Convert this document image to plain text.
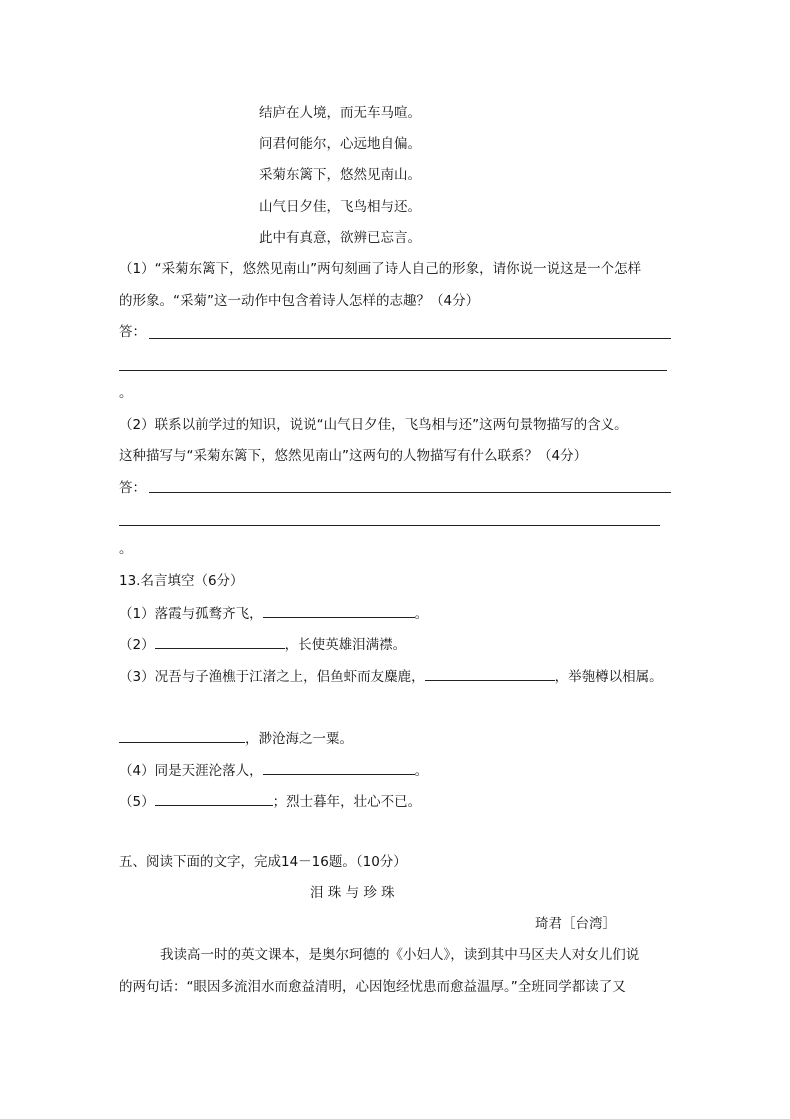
结庐在人境，而无车马喧。
问君何能尔，心远地自偏。
采菊东篱下，悠然见南山。
山气日夕佳，飞鸟相与还。
此中有真意，欲辨已忘言。
（1）“采菊东篱下，悠然见南山”两句刻画了诗人自己的形象，请你说一说这是一个怎样
的形象。“采菊”这一动作中包含着诗人怎样的志趣？（4分）
答：
。
（2）联系以前学过的知识，说说“山气日夕佳，飞鸟相与还”这两句景物描写的含义。
这种描写与“采菊东篱下，悠然见南山”这两句的人物描写有什么联系？（4分）
答：
。
13.名言填空（6分）
（1）落霞与孤鹜齐飞，	。
（2）	，长使英雄泪满襟。
（3）况吾与子渔樵于江渚之上，侣鱼虾而友麋鹿，	，举匏樽以相属。
，渺沧海之一粟。
（4）同是天涯沦落人，	。
（5）	；烈士暮年，壮心不已。
五、阅读下面的文字，完成14－16题。（10分）
泪 珠 与 珍 珠
琦君［台湾］
我读高一时的英文课本，是奥尔珂德的《小妇人》，读到其中马区夫人对女儿们说
的两句话：“眼因多流泪水而愈益清明，心因饱经忧患而愈益温厚。”全班同学都读了又
